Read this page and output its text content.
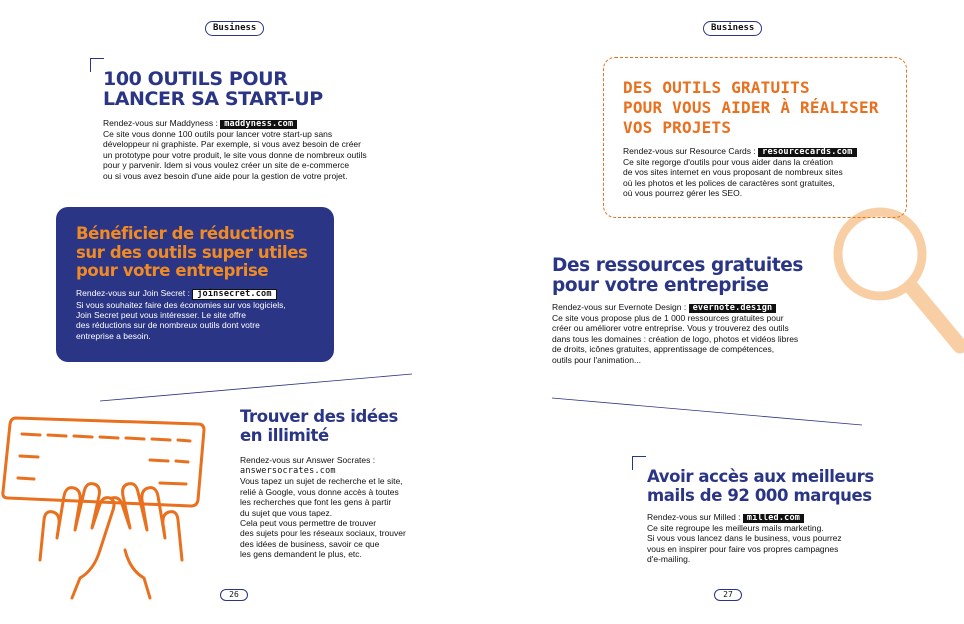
Business
100 OUTILS POUR
LANCER SA START-UP
Rendez-vous sur Maddyness : maddyness.com
Ce site vous donne 100 outils pour lancer votre start-up sans
développeur ni graphiste. Par exemple, si vous avez besoin de créer
un prototype pour votre produit, le site vous donne de nombreux outils
pour y parvenir. Idem si vous voulez créer un site de e-commerce
ou si vous avez besoin d'une aide pour la gestion de votre projet.
Bénéficier de réductions
sur des outils super utiles
pour votre entreprise
Rendez-vous sur Join Secret : joinsecret.com
Si vous souhaitez faire des économies sur vos logiciels,
Join Secret peut vous intéresser. Le site offre
des réductions sur de nombreux outils dont votre
entreprise a besoin.
Trouver des idées
en illimité
Rendez-vous sur Answer Socrates :
answersocrates.com
Vous tapez un sujet de recherche et le site,
relié à Google, vous donne accès à toutes
les recherches que font les gens à partir
du sujet que vous tapez.
Cela peut vous permettre de trouver
des sujets pour les réseaux sociaux, trouver
des idées de business, savoir ce que
les gens demandent le plus, etc.
26
Business
DES OUTILS GRATUITS
POUR VOUS AIDER À RÉALISER
VOS PROJETS
Rendez-vous sur Resource Cards : resourcecards.com
Ce site regorge d'outils pour vous aider dans la création
de vos sites internet en vous proposant de nombreux sites
où les photos et les polices de caractères sont gratuites,
où vous pourrez gérer les SEO.
Des ressources gratuites
pour votre entreprise
Rendez-vous sur Evernote Design : evernote.design
Ce site vous propose plus de 1 000 ressources gratuites pour
créer ou améliorer votre entreprise. Vous y trouverez des outils
dans tous les domaines : création de logo, photos et vidéos libres
de droits, icônes gratuites, apprentissage de compétences,
outils pour l'animation...
Avoir accès aux meilleurs
mails de 92 000 marques
Rendez-vous sur Milled : milled.com
Ce site regroupe les meilleurs mails marketing.
Si vous vous lancez dans le business, vous pourrez
vous en inspirer pour faire vos propres campagnes
d'e-mailing.
27
